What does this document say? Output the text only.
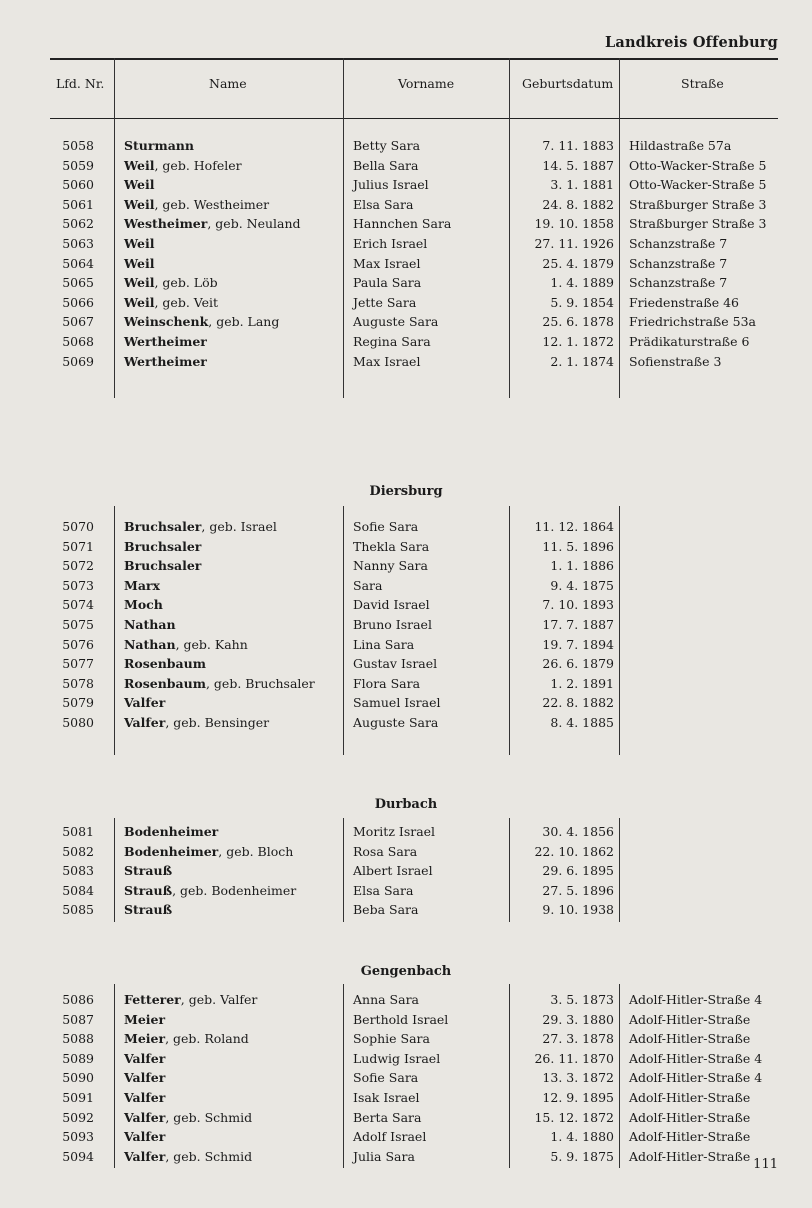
Landkreis Offenburg
Lfd. Nr.	Name	Vorname	Geburtsdatum	Straße
5058 Sturmann	Betty Sara	7. 11. 1883 Hildastraße 57a
5059 Weil, geb. Hofeler	Bella Sara	14. 5. 1887 Otto-Wacker-Straße 5
5060 Weil	Julius Israel	3. 1. 1881 Otto-Wacker-Straße 5
5061 Weil, geb. Westheimer	Elsa Sara	24. 8. 1882 Straßburger Straße 3
5062 Westheimer, geb. Neuland	Hannchen Sara	19. 10. 1858 Straßburger Straße 3
5063 Weil	Erich Israel	27. 11. 1926 Schanzstraße 7
5064 Weil	Max Israel	25. 4. 1879 Schanzstraße 7
5065 Weil, geb. Löb	Paula Sara	1. 4. 1889 Schanzstraße 7
5066 Weil, geb. Veit	Jette Sara	5. 9. 1854 Friedenstraße 46
5067 Weinschenk, geb. Lang	Auguste Sara	25. 6. 1878 Friedrichstraße 53a
5068 Wertheimer	Regina Sara	12. 1. 1872 Prädikaturstraße 6
5069 Wertheimer	Max Israel	2. 1. 1874 Sofienstraße 3
Diersburg
5070 Bruchsaler, geb. Israel	Sofie Sara	11. 12. 1864
5071 Bruchsaler	Thekla Sara	11. 5. 1896
5072 Bruchsaler	Nanny Sara	1. 1. 1886
5073 Marx	Sara	9. 4. 1875
5074 Moch	David Israel	7. 10. 1893
5075 Nathan	Bruno Israel	17. 7. 1887
5076 Nathan, geb. Kahn	Lina Sara	19. 7. 1894
5077 Rosenbaum	Gustav Israel	26. 6. 1879
5078 Rosenbaum, geb. Bruchsaler	Flora Sara	1. 2. 1891
5079 Valfer	Samuel Israel	22. 8. 1882
5080 Valfer, geb. Bensinger	Auguste Sara	8. 4. 1885
Durbach
5081 Bodenheimer	Moritz Israel	30. 4. 1856
5082 Bodenheimer, geb. Bloch	Rosa Sara	22. 10. 1862
5083 Strauß	Albert Israel	29. 6. 1895
5084 Strauß, geb. Bodenheimer	Elsa Sara	27. 5. 1896
5085 Strauß	Beba Sara	9. 10. 1938
Gengenbach
5086 Fetterer, geb. Valfer	Anna Sara	3. 5. 1873 Adolf-Hitler-Straße 4
5087 Meier	Berthold Israel	29. 3. 1880 Adolf-Hitler-Straße
5088 Meier, geb. Roland	Sophie Sara	27. 3. 1878 Adolf-Hitler-Straße
5089 Valfer	Ludwig Israel	26. 11. 1870 Adolf-Hitler-Straße 4
5090 Valfer	Sofie Sara	13. 3. 1872 Adolf-Hitler-Straße 4
5091 Valfer	Isak Israel	12. 9. 1895 Adolf-Hitler-Straße
5092 Valfer, geb. Schmid	Berta Sara	15. 12. 1872 Adolf-Hitler-Straße
5093 Valfer	Adolf Israel	1. 4. 1880 Adolf-Hitler-Straße
5094 Valfer, geb. Schmid	Julia Sara	5. 9. 1875 Adolf-Hitler-Straße
111
